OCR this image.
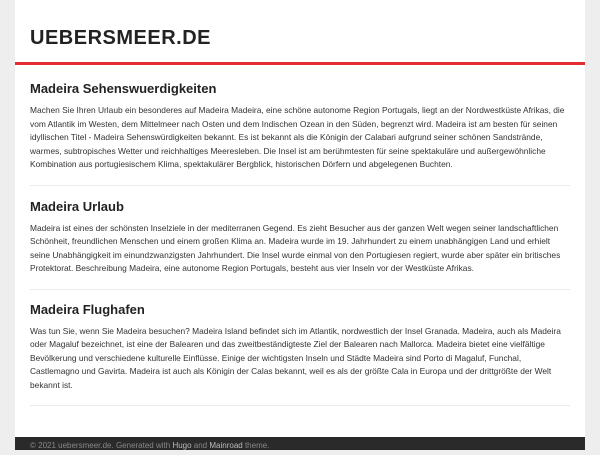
UEBERSMEER.DE
Madeira Sehenswuerdigkeiten

Machen Sie Ihren Urlaub ein besonderes auf Madeira Madeira, eine schöne autonome Region Portugals, liegt an der Nordwestküste Afrikas, die vom Atlantik im Westen, dem Mittelmeer nach Osten und dem Indischen Ozean in den Süden, begrenzt wird. Madeira ist am besten für seinen idyllischen Titel - Madeira Sehenswürdigkeiten bekannt. Es ist bekannt als die Königin der Calabari aufgrund seiner schönen Sandstrände, warmes, subtropisches Wetter und reichhaltiges Meeresleben. Die Insel ist am berühmtesten für seine spektakuläre und außergewöhnliche Kombination aus portugiesischem Klima, spektakulärer Bergblick, historischen Dörfern und abgelegenen Buchten.

Madeira Urlaub

Madeira ist eines der schönsten Inselziele in der mediterranen Gegend. Es zieht Besucher aus der ganzen Welt wegen seiner landschaftlichen Schönheit, freundlichen Menschen und einem großen Klima an. Madeira wurde im 19. Jahrhundert zu einem unabhängigen Land und erhielt seine Unabhängigkeit im einundzwanzigsten Jahrhundert. Die Insel wurde einmal von den Portugiesen regiert, wurde aber später ein britisches Protektorat. Beschreibung Madeira, eine autonome Region Portugals, besteht aus vier Inseln vor der Westküste Afrikas.

Madeira Flughafen

Was tun Sie, wenn Sie Madeira besuchen? Madeira Island befindet sich im Atlantik, nordwestlich der Insel Granada. Madeira, auch als Madeira oder Magaluf bezeichnet, ist eine der Balearen und das zweitbeständigteste Ziel der Balearen nach Mallorca. Madeira bietet eine vielfältige Bevölkerung und verschiedene kulturelle Einflüsse. Einige der wichtigsten Inseln und Städte Madeira sind Porto di Magaluf, Funchal, Castlemagno und Gavirta. Madeira ist auch als Königin der Calas bekannt, weil es als der größte Cala in Europa und der drittgrößte der Welt bekannt ist.

© 2021 uebersmeer.de. Generated with Hugo and Mainroad theme.
